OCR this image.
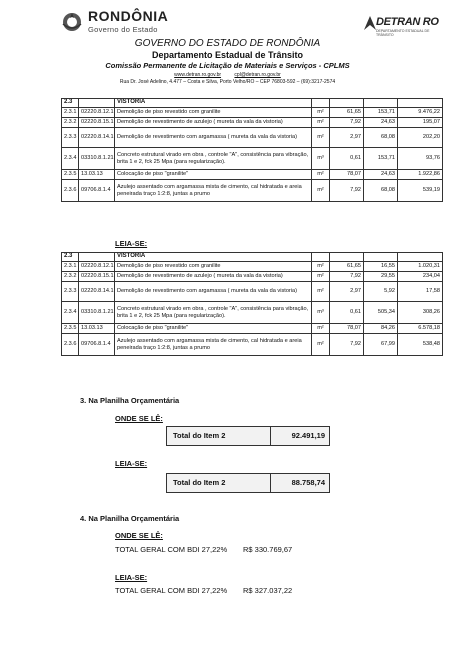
RONDÔNIA
Governo do Estado
DETRAN RO
DEPARTAMENTO ESTADUAL DE TRÂNSITO
GOVERNO DO ESTADO DE RONDÔNIA
Departamento Estadual de Trânsito
Comissão Permanente de Licitação de Materiais e Serviços - CPLMS
www.detran.ro.gov.br	cpl@detran.ro.gov.br
Rua Dr. José Adelino, 4.477 – Costa e Silva, Porto Velho/RO – CEP 76803-592 – (69):3217-2574
2.3		VISTORIA				
2.3.1	02220.8.12.1	Demolição de piso revestido com granilite	m²	61,65	153,71	9.476,22
2.3.2	02220.8.15.1	Demolição de revestimento de azulejo ( mureta da vala da vistoria)	m²	7,92	24,63	195,07
2.3.3	02220.8.14.1	Demolição de revestimento com argamassa ( mureta da vala da vistoria)	m²	2,97	68,08	202,20
2.3.4	03310.8.1.21	Concreto estrutural virado em obra , controle "A", consistência para vibração, brita 1 e 2, fck 25 Mpa (para regularização).	m³	0,61	153,71	93,76
2.3.5	13.03.13	Colocação de piso "granilite"	m²	78,07	24,63	1.922,86
2.3.6	09706.8.1.4	Azulejo assentado com argamassa mista de cimento, cal hidratada e areia peneirada traço 1:2:8, juntas a prumo	m²	7,92	68,08	539,19
LEIA-SE:
2.3		VISTORIA				
2.3.1	02220.8.12.1	Demolição de piso revestido com granilite	m²	61,65	16,55	1.020,31
2.3.2	02220.8.15.1	Demolição de revestimento de azulejo ( mureta da vala da vistoria)	m²	7,92	29,55	234,04
2.3.3	02220.8.14.1	Demolição de revestimento com argamassa ( mureta da vala da vistoria)	m²	2,97	5,92	17,58
2.3.4	03310.8.1.21	Concreto estrutural virado em obra , controle "A", consistência para vibração, brita 1 e 2, fck 25 Mpa (para regularização).	m³	0,61	505,34	308,26
2.3.5	13.03.13	Colocação de piso "granilite"	m²	78,07	84,26	6.578,18
2.3.6	09706.8.1.4	Azulejo assentado com argamassa mista de cimento, cal hidratada e areia peneirada traço 1:2:8, juntas a prumo	m²	7,92	67,99	538,48
3. Na Planilha Orçamentária
ONDE SE LÊ:
Total do Item 2	92.491,19
LEIA-SE:
Total do Item 2	88.758,74
4. Na Planilha Orçamentária
ONDE SE LÊ:
TOTAL GERAL COM BDI 27,22% R$ 330.769,67
LEIA-SE:
TOTAL GERAL COM BDI 27,22% R$ 327.037,22
